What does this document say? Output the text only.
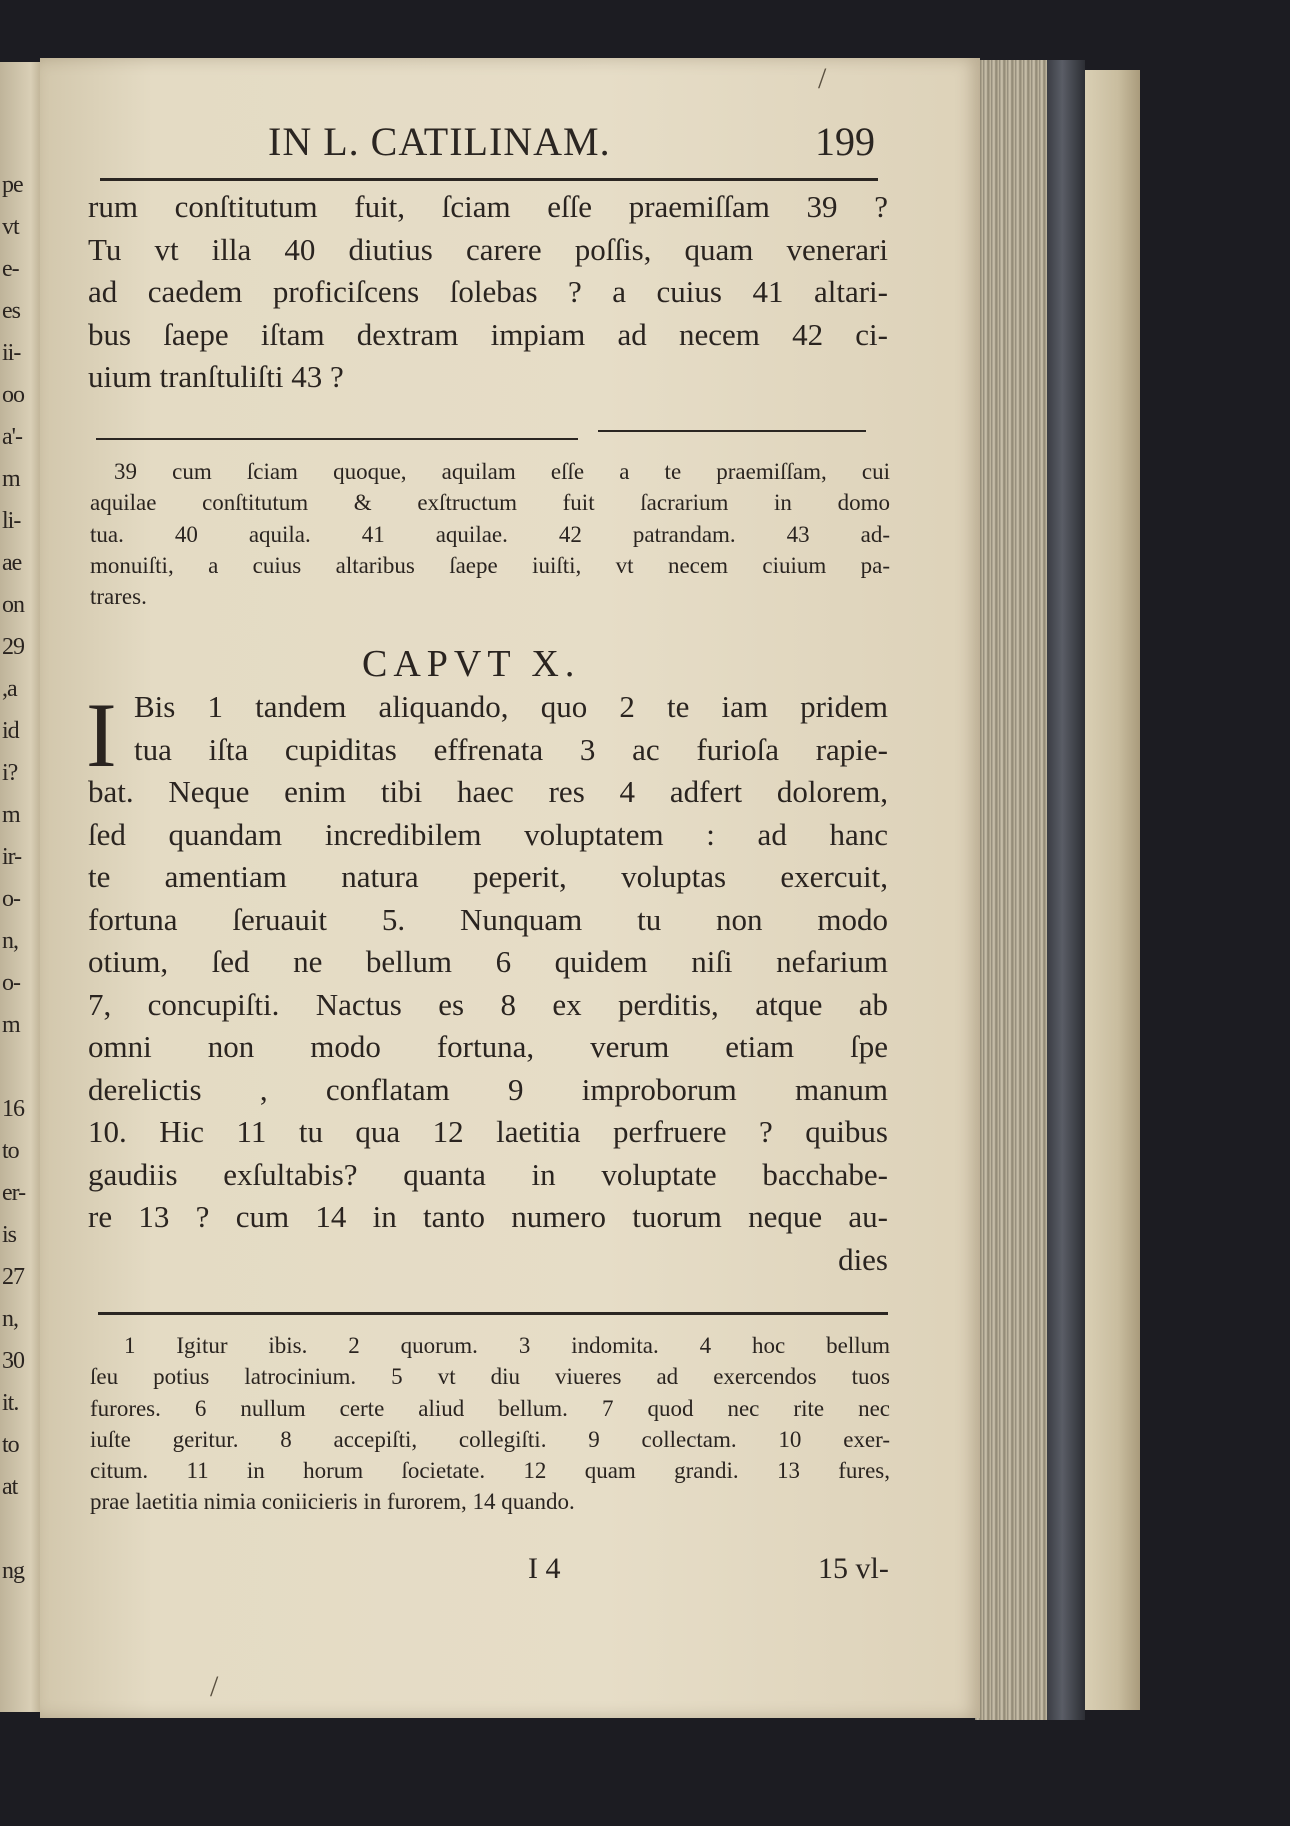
pe
vt
e-
es
ii-
oo
a'-
m
li-
ae
on
29
,a
id
i?
m
ir-
o-
n,
o-
m
16
to
er-
is
27
n,
30
it.
to
at
ng
IN L. CATILINAM.	199
rum conſtitutum fuit, ſciam eſſe praemiſſam 39 ?
Tu vt illa 40 diutius carere poſſis, quam venerari
ad caedem proficiſcens ſolebas ? a cuius 41 altari-
bus ſaepe iſtam dextram impiam ad necem 42 ci-
uium tranſtuliſti 43 ?
39 cum ſciam quoque, aquilam eſſe a te praemiſſam, cui
aquilae conſtitutum & exſtructum fuit ſacrarium in domo
tua. 40 aquila. 41 aquilae. 42 patrandam. 43 ad-
monuiſti, a cuius altaribus ſaepe iuiſti, vt necem ciuium pa-
trares.
CAPVT X.
I Bis 1 tandem aliquando, quo 2 te iam pridem
tua iſta cupiditas effrenata 3 ac furioſa rapie-
bat. Neque enim tibi haec res 4 adfert dolorem,
ſed quandam incredibilem voluptatem : ad hanc
te amentiam natura peperit, voluptas exercuit,
fortuna ſeruauit 5. Nunquam tu non modo
otium, ſed ne bellum 6 quidem niſi nefarium
7, concupiſti. Nactus es 8 ex perditis, atque ab
omni non modo fortuna, verum etiam ſpe
derelictis , conflatam 9 improborum manum
10. Hic 11 tu qua 12 laetitia perfruere ? quibus
gaudiis exſultabis? quanta in voluptate bacchabe-
re 13 ? cum 14 in tanto numero tuorum neque au-
dies
1 Igitur ibis. 2 quorum. 3 indomita. 4 hoc bellum
ſeu potius latrocinium. 5 vt diu viueres ad exercendos tuos
furores. 6 nullum certe aliud bellum. 7 quod nec rite nec
iuſte geritur. 8 accepiſti, collegiſti. 9 collectam. 10 exer-
citum. 11 in horum ſocietate. 12 quam grandi. 13 fures,
prae laetitia nimia coniicieris in furorem, 14 quando.
I 4	15 vl-
/
/
